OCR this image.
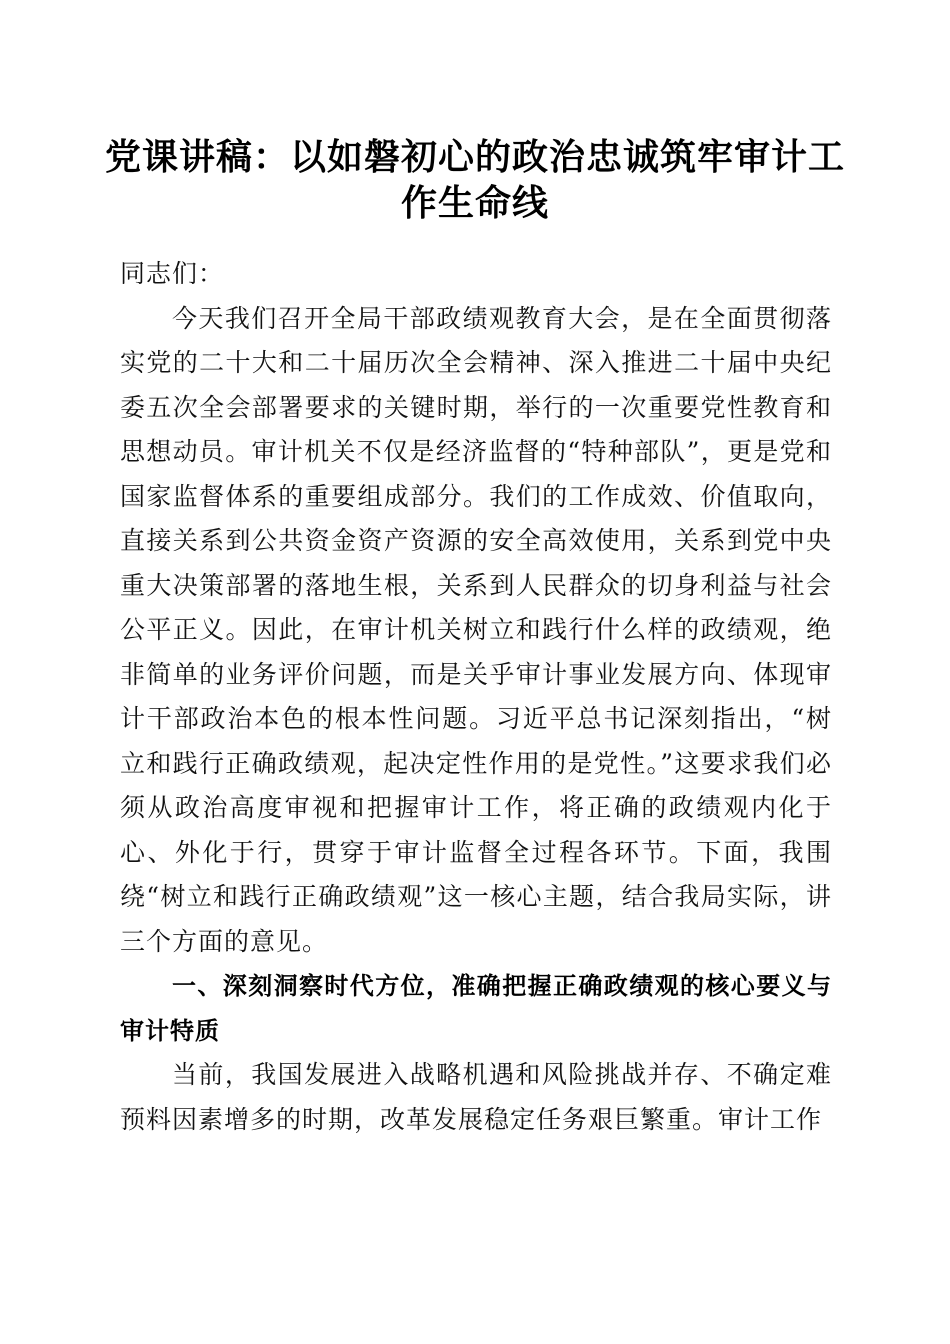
党课讲稿：以如磐初心的政治忠诚筑牢审计工
作生命线

同志们：

今天我们召开全局干部政绩观教育大会，是在全面贯彻落实党的二十大和二十届历次全会精神、深入推进二十届中央纪委五次全会部署要求的关键时期，举行的一次重要党性教育和思想动员。审计机关不仅是经济监督的“特种部队”，更是党和国家监督体系的重要组成部分。我们的工作成效、价值取向，直接关系到公共资金资产资源的安全高效使用，关系到党中央重大决策部署的落地生根，关系到人民群众的切身利益与社会公平正义。因此，在审计机关树立和践行什么样的政绩观，绝非简单的业务评价问题，而是关乎审计事业发展方向、体现审计干部政治本色的根本性问题。习近平总书记深刻指出，“树立和践行正确政绩观，起决定性作用的是党性。”这要求我们必须从政治高度审视和把握审计工作，将正确的政绩观内化于心、外化于行，贯穿于审计监督全过程各环节。下面，我围绕“树立和践行正确政绩观”这一核心主题，结合我局实际，讲三个方面的意见。

一、深刻洞察时代方位，准确把握正确政绩观的核心要义与审计特质

当前，我国发展进入战略机遇和风险挑战并存、不确定难预料因素增多的时期，改革发展稳定任务艰巨繁重。审计工作
